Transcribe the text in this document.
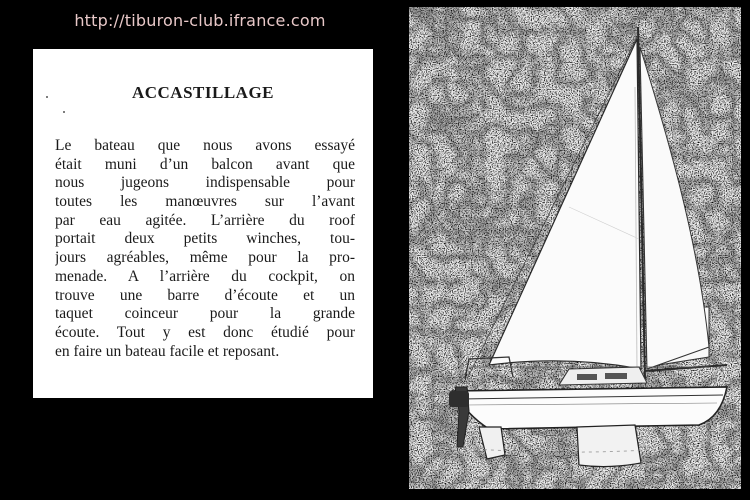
http://tiburon-club.ifrance.com
ACCASTILLAGE
Le bateau que nous avons essayé
était muni d’un balcon avant que
nous jugeons indispensable pour
toutes les manœuvres sur l’avant
par eau agitée. L’arrière du roof
portait deux petits winches, tou-
jours agréables, même pour la pro-
menade. A l’arrière du cockpit, on
trouve une barre d’écoute et un
taquet coinceur pour la grande
écoute. Tout y est donc étudié pour
en faire un bateau facile et reposant.
